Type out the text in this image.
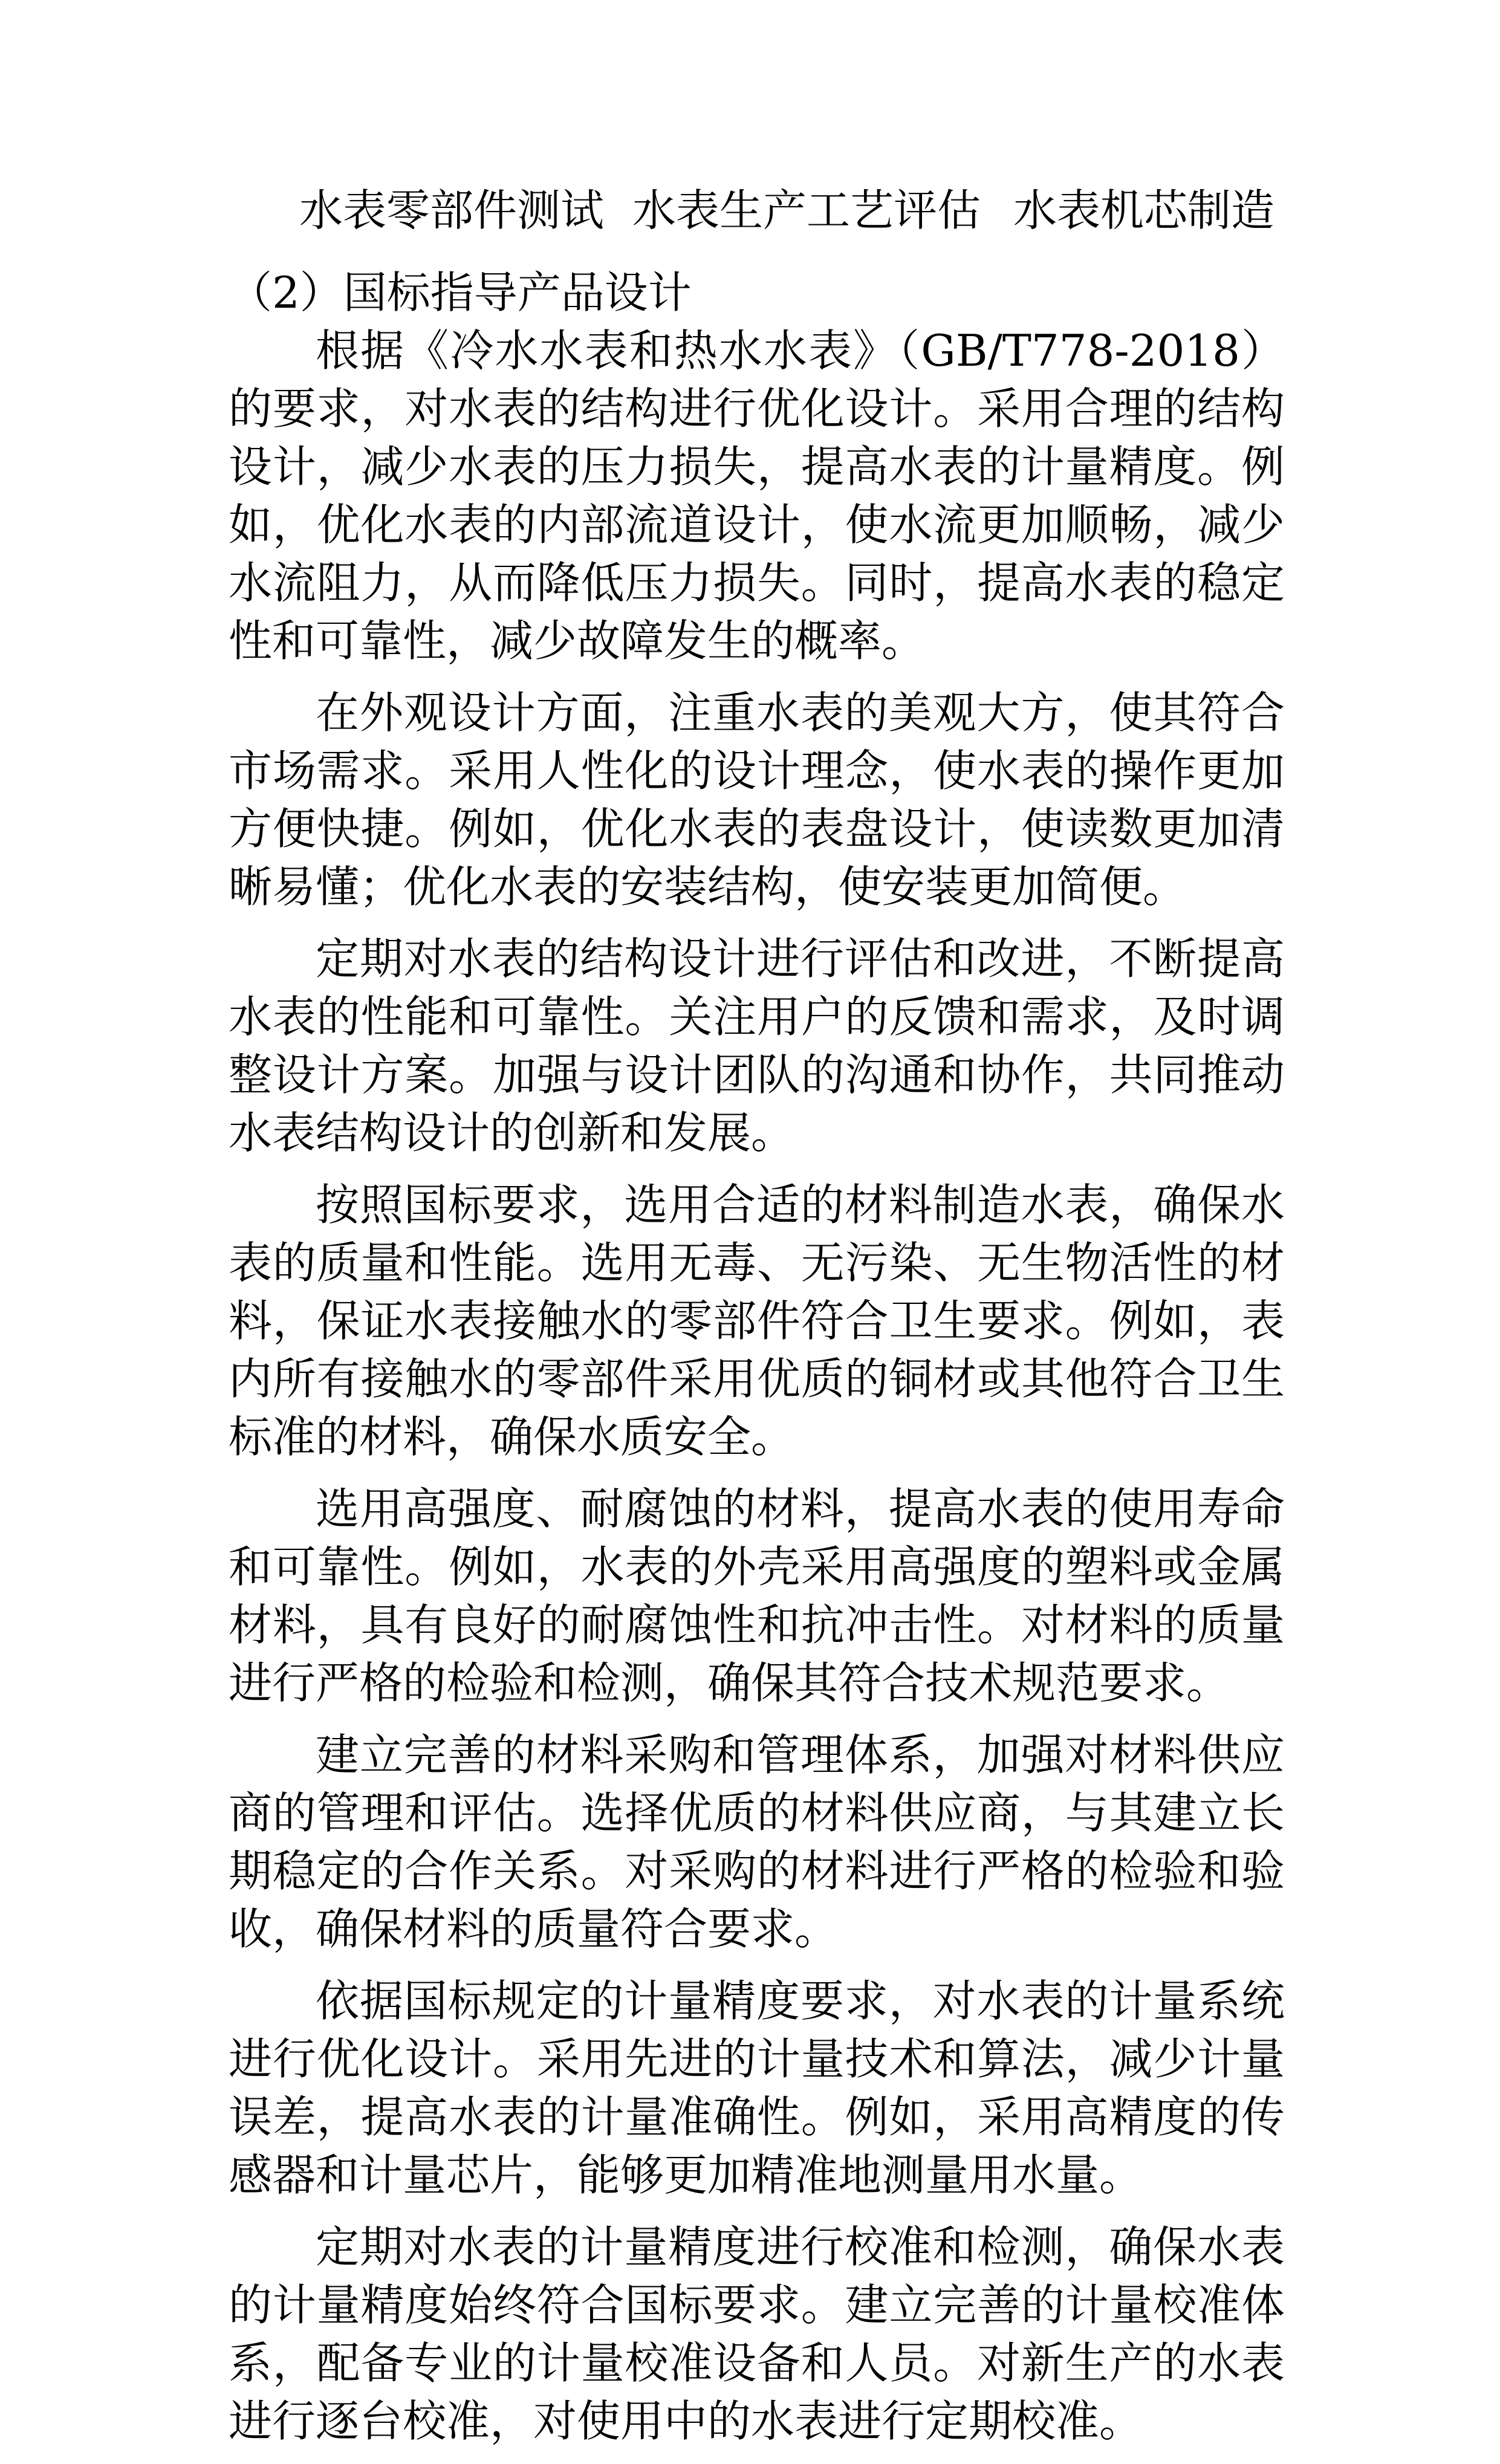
水表零部件测试 水表生产工艺评估 水表机芯制造

（2）国标指导产品设计

根据《冷水水表和热水水表》（GB/T778-2018）的要求，对水表的结构进行优化设计。采用合理的结构设计，减少水表的压力损失，提高水表的计量精度。例如，优化水表的内部流道设计，使水流更加顺畅，减少水流阻力，从而降低压力损失。同时，提高水表的稳定性和可靠性，减少故障发生的概率。

在外观设计方面，注重水表的美观大方，使其符合市场需求。采用人性化的设计理念，使水表的操作更加方便快捷。例如，优化水表的表盘设计，使读数更加清晰易懂；优化水表的安装结构，使安装更加简便。

定期对水表的结构设计进行评估和改进，不断提高水表的性能和可靠性。关注用户的反馈和需求，及时调整设计方案。加强与设计团队的沟通和协作，共同推动水表结构设计的创新和发展。

按照国标要求，选用合适的材料制造水表，确保水表的质量和性能。选用无毒、无污染、无生物活性的材料，保证水表接触水的零部件符合卫生要求。例如，表内所有接触水的零部件采用优质的铜材或其他符合卫生标准的材料，确保水质安全。

选用高强度、耐腐蚀的材料，提高水表的使用寿命和可靠性。例如，水表的外壳采用高强度的塑料或金属材料，具有良好的耐腐蚀性和抗冲击性。对材料的质量进行严格的检验和检测，确保其符合技术规范要求。

建立完善的材料采购和管理体系，加强对材料供应商的管理和评估。选择优质的材料供应商，与其建立长期稳定的合作关系。对采购的材料进行严格的检验和验收，确保材料的质量符合要求。

依据国标规定的计量精度要求，对水表的计量系统进行优化设计。采用先进的计量技术和算法，减少计量误差，提高水表的计量准确性。例如，采用高精度的传感器和计量芯片，能够更加精准地测量用水量。

定期对水表的计量精度进行校准和检测，确保水表的计量精度始终符合国标要求。建立完善的计量校准体系，配备专业的计量校准设备和人员。对新生产的水表进行逐台校准，对使用中的水表进行定期校准。
